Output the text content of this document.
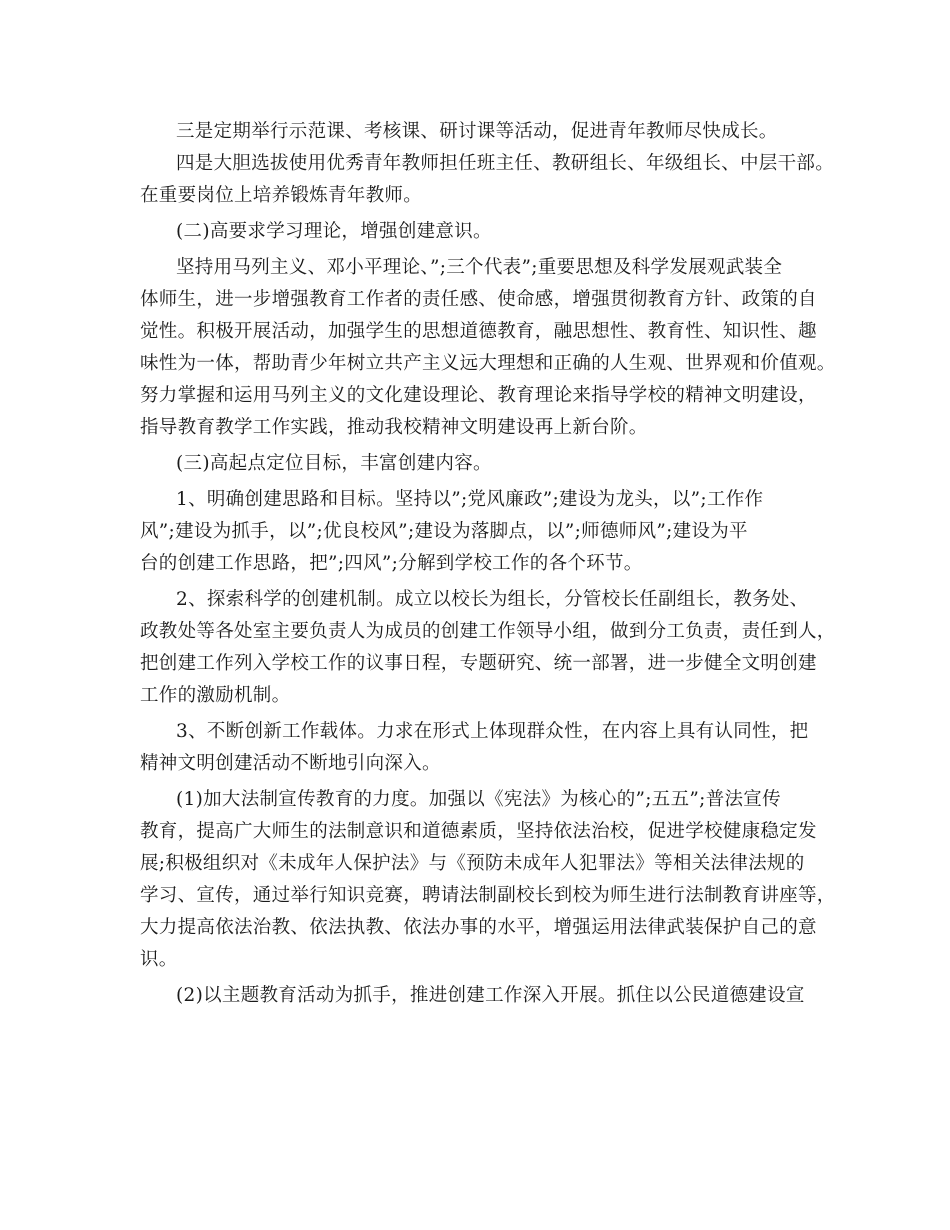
三是定期举行示范课、考核课、研讨课等活动，促进青年教师尽快成长。
四是大胆选拔使用优秀青年教师担任班主任、教研组长、年级组长、中层干部。
在重要岗位上培养锻炼青年教师。
(二)高要求学习理论，增强创建意识。
坚持用马列主义、邓小平理论、”;三个代表”;重要思想及科学发展观武装全
体师生，进一步增强教育工作者的责任感、使命感，增强贯彻教育方针、政策的自
觉性。积极开展活动，加强学生的思想道德教育，融思想性、教育性、知识性、趣
味性为一体，帮助青少年树立共产主义远大理想和正确的人生观、世界观和价值观。
努力掌握和运用马列主义的文化建设理论、教育理论来指导学校的精神文明建设，
指导教育教学工作实践，推动我校精神文明建设再上新台阶。
(三)高起点定位目标，丰富创建内容。
1、明确创建思路和目标。坚持以”;党风廉政”;建设为龙头，以”;工作作
风”;建设为抓手，以”;优良校风”;建设为落脚点，以”;师德师风”;建设为平
台的创建工作思路，把”;四风”;分解到学校工作的各个环节。
2、探索科学的创建机制。成立以校长为组长，分管校长任副组长，教务处、
政教处等各处室主要负责人为成员的创建工作领导小组，做到分工负责，责任到人，
把创建工作列入学校工作的议事日程，专题研究、统一部署，进一步健全文明创建
工作的激励机制。
3、不断创新工作载体。力求在形式上体现群众性，在内容上具有认同性，把
精神文明创建活动不断地引向深入。
(1)加大法制宣传教育的力度。加强以《宪法》为核心的”;五五”;普法宣传
教育，提高广大师生的法制意识和道德素质，坚持依法治校，促进学校健康稳定发
展;积极组织对《未成年人保护法》与《预防未成年人犯罪法》等相关法律法规的
学习、宣传，通过举行知识竞赛，聘请法制副校长到校为师生进行法制教育讲座等，
大力提高依法治教、依法执教、依法办事的水平，增强运用法律武装保护自己的意
识。
(2)以主题教育活动为抓手，推进创建工作深入开展。抓住以公民道德建设宣
